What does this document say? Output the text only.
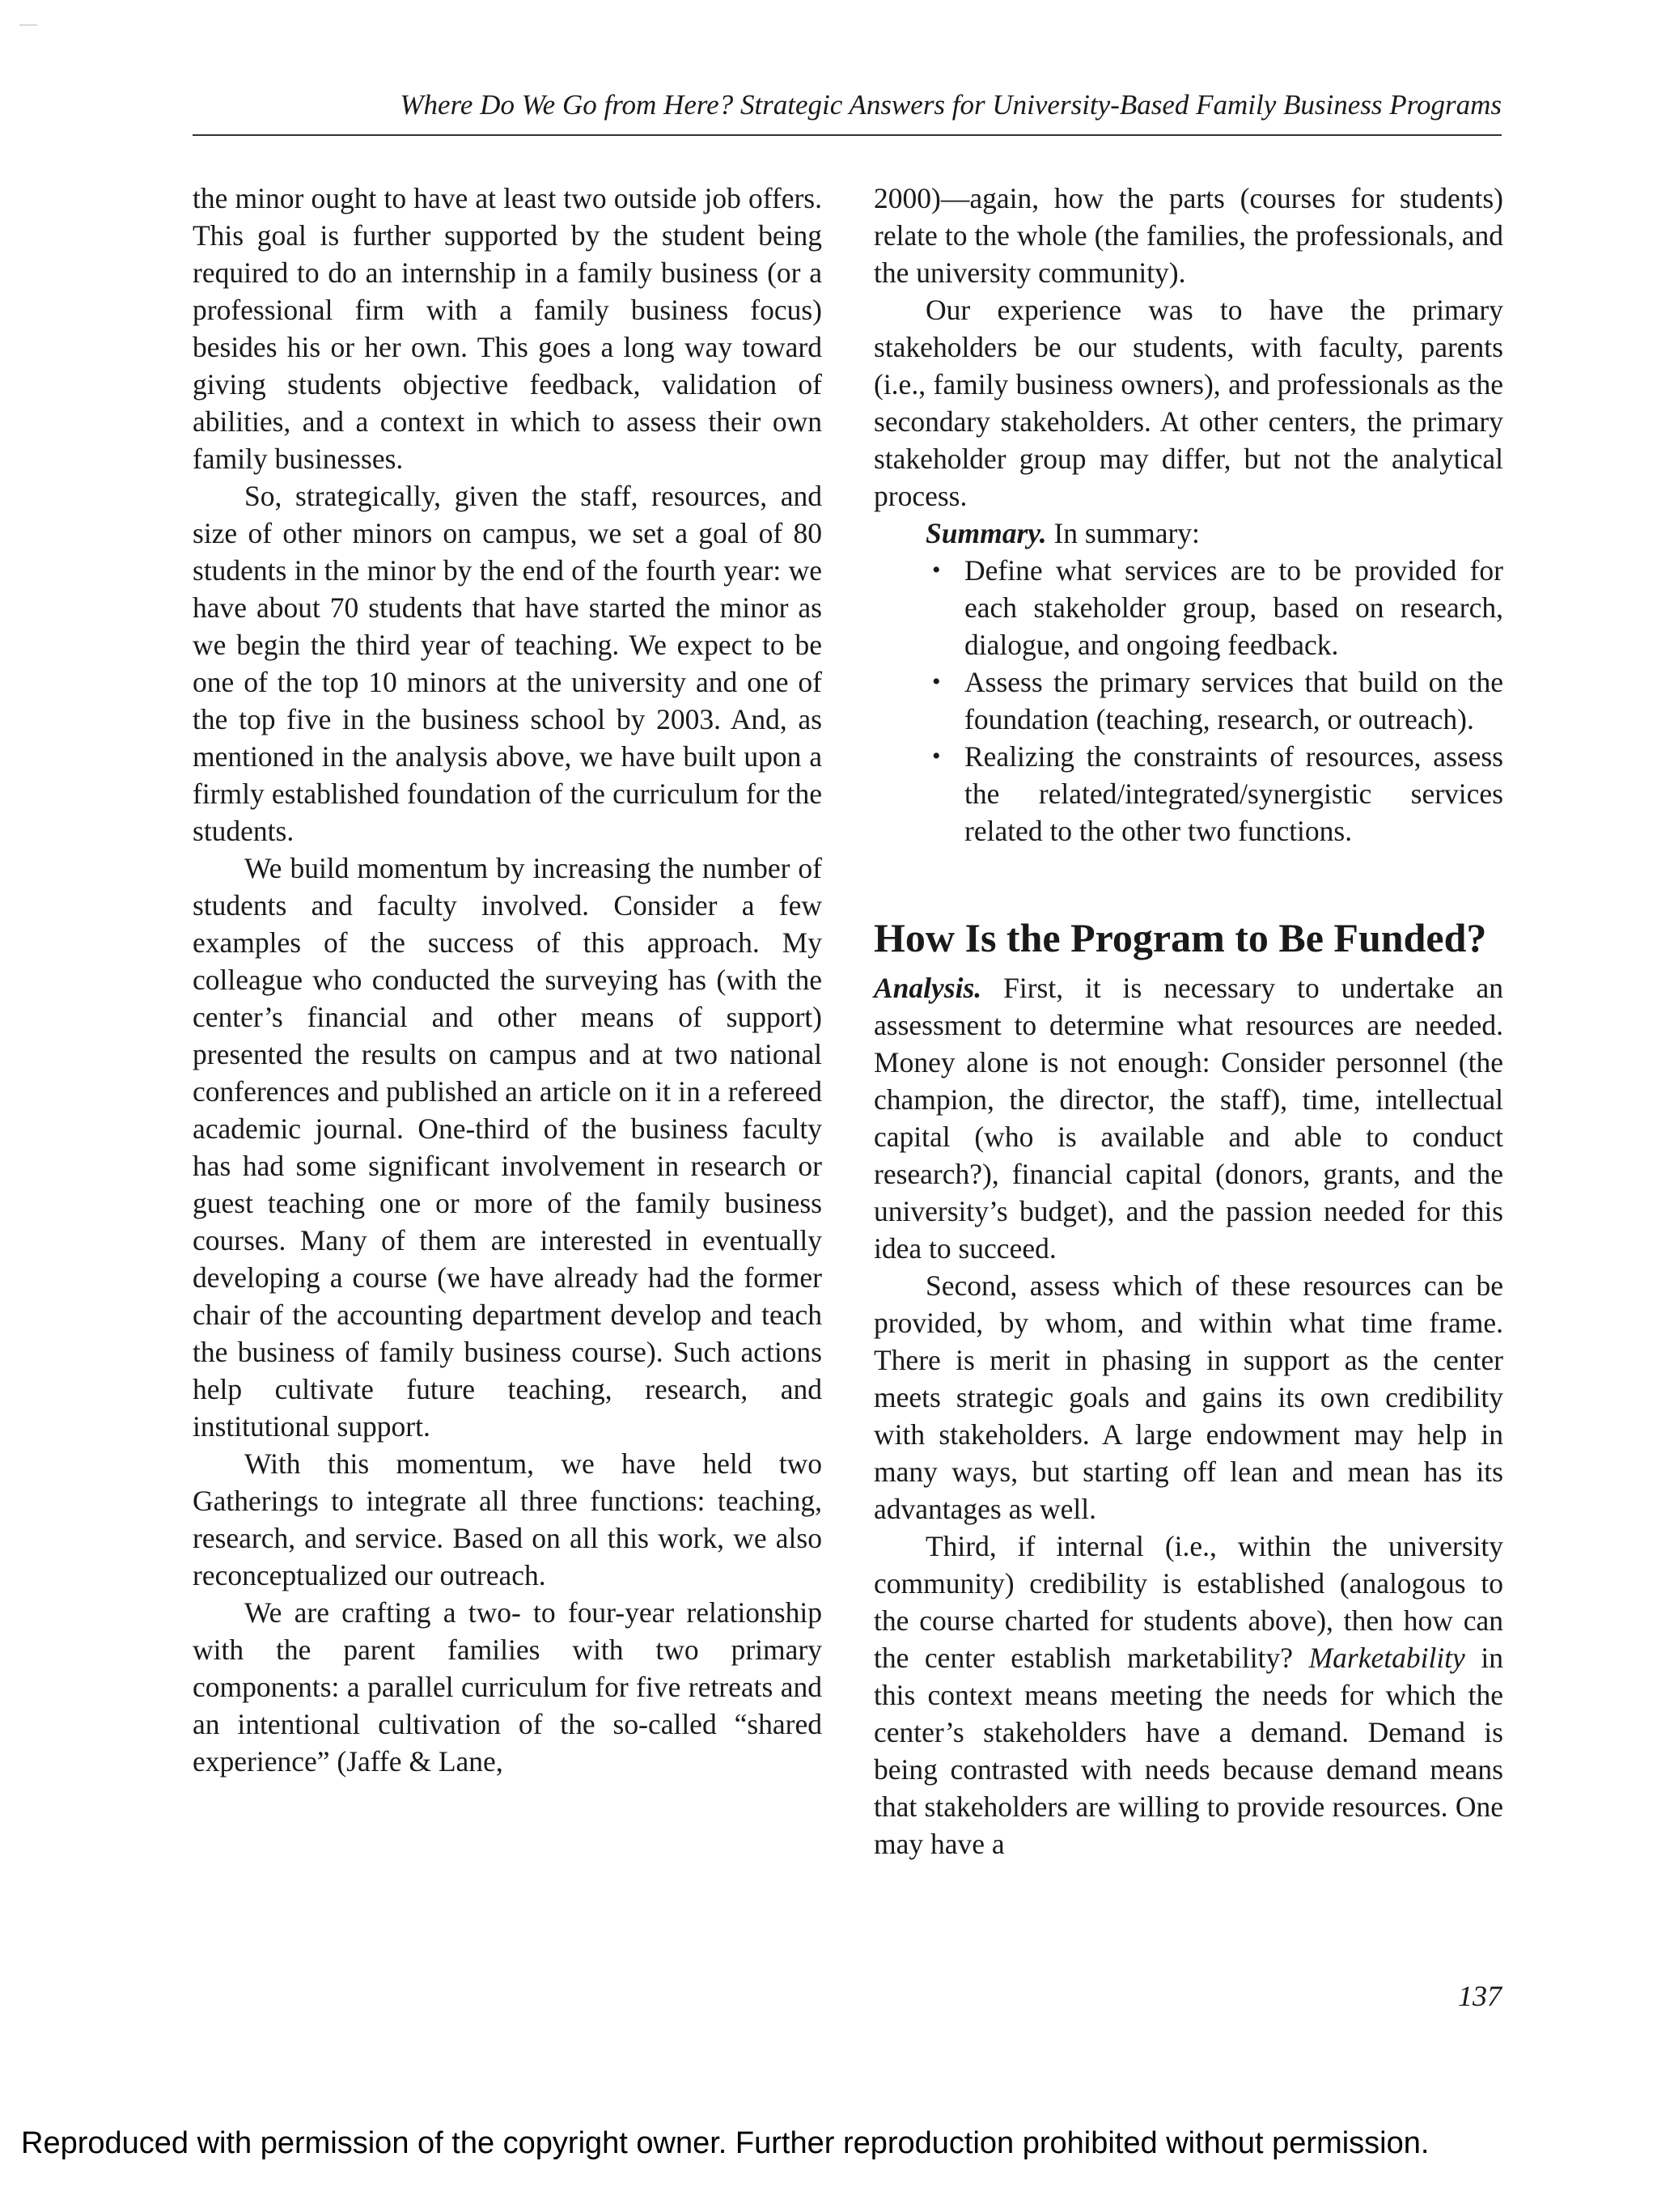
Where Do We Go from Here? Strategic Answers for University-Based Family Business Programs

the minor ought to have at least two outside job offers. This goal is further supported by the student being required to do an internship in a family business (or a professional firm with a family business focus) besides his or her own. This goes a long way toward giving students objective feedback, validation of abilities, and a context in which to assess their own family businesses.

So, strategically, given the staff, resources, and size of other minors on campus, we set a goal of 80 students in the minor by the end of the fourth year: we have about 70 students that have started the minor as we begin the third year of teaching. We expect to be one of the top 10 minors at the university and one of the top five in the business school by 2003. And, as mentioned in the analysis above, we have built upon a firmly established foundation of the curriculum for the students.

We build momentum by increasing the number of students and faculty involved. Consider a few examples of the success of this approach. My colleague who conducted the surveying has (with the center’s financial and other means of support) presented the results on campus and at two national conferences and published an article on it in a refereed academic journal. One-third of the business faculty has had some significant involvement in research or guest teaching one or more of the family business courses. Many of them are interested in eventually developing a course (we have already had the former chair of the accounting department develop and teach the business of family business course). Such actions help cultivate future teaching, research, and institutional support.

With this momentum, we have held two Gatherings to integrate all three functions: teaching, research, and service. Based on all this work, we also reconceptualized our outreach.

We are crafting a two- to four-year relationship with the parent families with two primary components: a parallel curriculum for five retreats and an intentional cultivation of the so-called “shared experience” (Jaffe & Lane,

2000)—again, how the parts (courses for students) relate to the whole (the families, the professionals, and the university community).

Our experience was to have the primary stakeholders be our students, with faculty, parents (i.e., family business owners), and professionals as the secondary stakeholders. At other centers, the primary stakeholder group may differ, but not the analytical process.

Summary. In summary:

• Define what services are to be provided for each stakeholder group, based on research, dialogue, and ongoing feedback.
• Assess the primary services that build on the foundation (teaching, research, or outreach).
• Realizing the constraints of resources, assess the related/integrated/synergistic services related to the other two functions.
How Is the Program to Be Funded?

Analysis. First, it is necessary to undertake an assessment to determine what resources are needed. Money alone is not enough: Consider personnel (the champion, the director, the staff), time, intellectual capital (who is available and able to conduct research?), financial capital (donors, grants, and the university’s budget), and the passion needed for this idea to succeed.

Second, assess which of these resources can be provided, by whom, and within what time frame. There is merit in phasing in support as the center meets strategic goals and gains its own credibility with stakeholders. A large endowment may help in many ways, but starting off lean and mean has its advantages as well.

Third, if internal (i.e., within the university community) credibility is established (analogous to the course charted for students above), then how can the center establish marketability? Marketability in this context means meeting the needs for which the center’s stakeholders have a demand. Demand is being contrasted with needs because demand means that stakeholders are willing to provide resources. One may have a

137
Reproduced with permission of the copyright owner. Further reproduction prohibited without permission.
